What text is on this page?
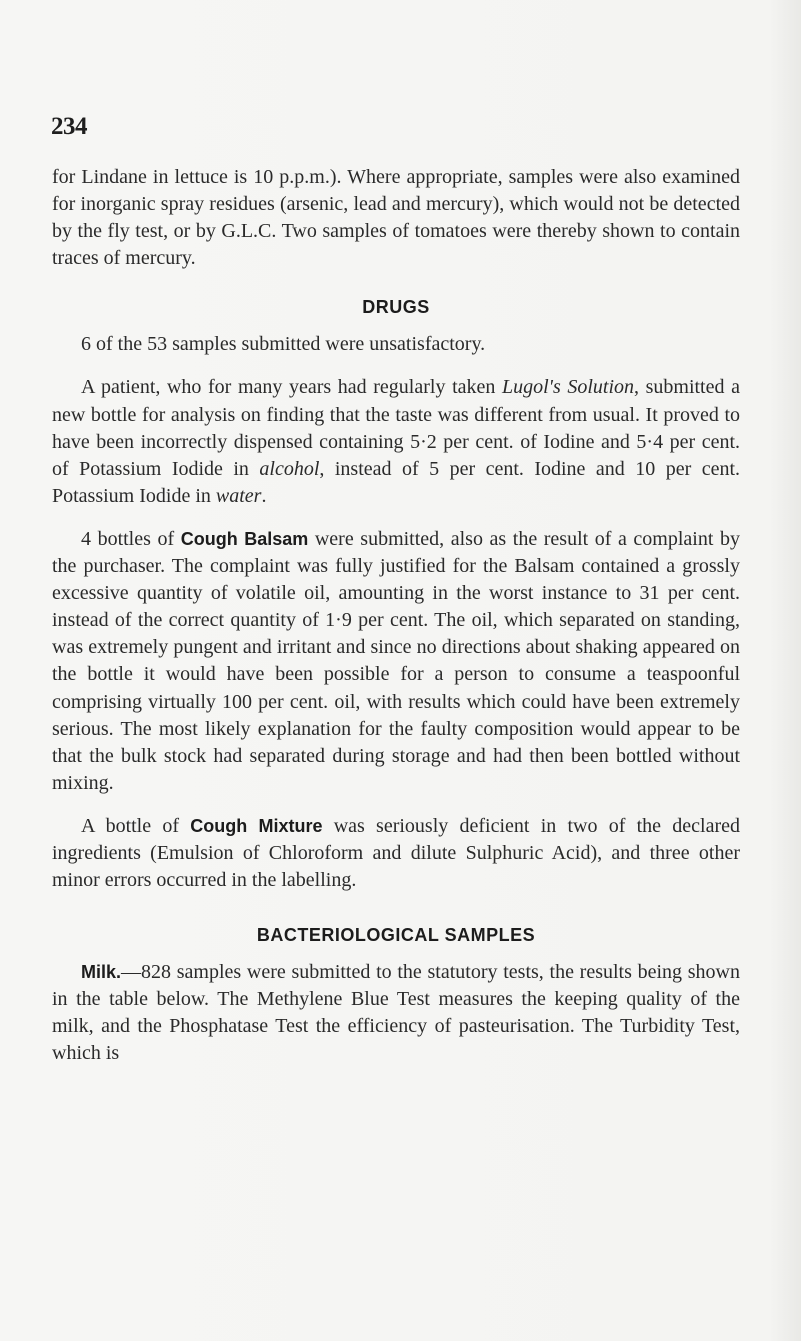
234

for Lindane in lettuce is 10 p.p.m.). Where appropriate, samples were also examined for inorganic spray residues (arsenic, lead and mercury), which would not be detected by the fly test, or by G.L.C. Two samples of tomatoes were thereby shown to contain traces of mercury.

DRUGS

6 of the 53 samples submitted were unsatisfactory.

A patient, who for many years had regularly taken Lugol's Solution, submitted a new bottle for analysis on finding that the taste was different from usual. It proved to have been incorrectly dispensed containing 5·2 per cent. of Iodine and 5·4 per cent. of Potassium Iodide in alcohol, instead of 5 per cent. Iodine and 10 per cent. Potassium Iodide in water.

4 bottles of Cough Balsam were submitted, also as the result of a complaint by the purchaser. The complaint was fully justified for the Balsam contained a grossly excessive quantity of volatile oil, amounting in the worst instance to 31 per cent. instead of the correct quantity of 1·9 per cent. The oil, which separated on standing, was extremely pungent and irritant and since no directions about shaking appeared on the bottle it would have been possible for a person to consume a teaspoonful comprising virtually 100 per cent. oil, with results which could have been extremely serious. The most likely explanation for the faulty composition would appear to be that the bulk stock had separated during storage and had then been bottled without mixing.

A bottle of Cough Mixture was seriously deficient in two of the declared ingredients (Emulsion of Chloroform and dilute Sulphuric Acid), and three other minor errors occurred in the labelling.

BACTERIOLOGICAL SAMPLES

Milk.—828 samples were submitted to the statutory tests, the results being shown in the table below. The Methylene Blue Test measures the keeping quality of the milk, and the Phosphatase Test the efficiency of pasteurisation. The Turbidity Test, which is
